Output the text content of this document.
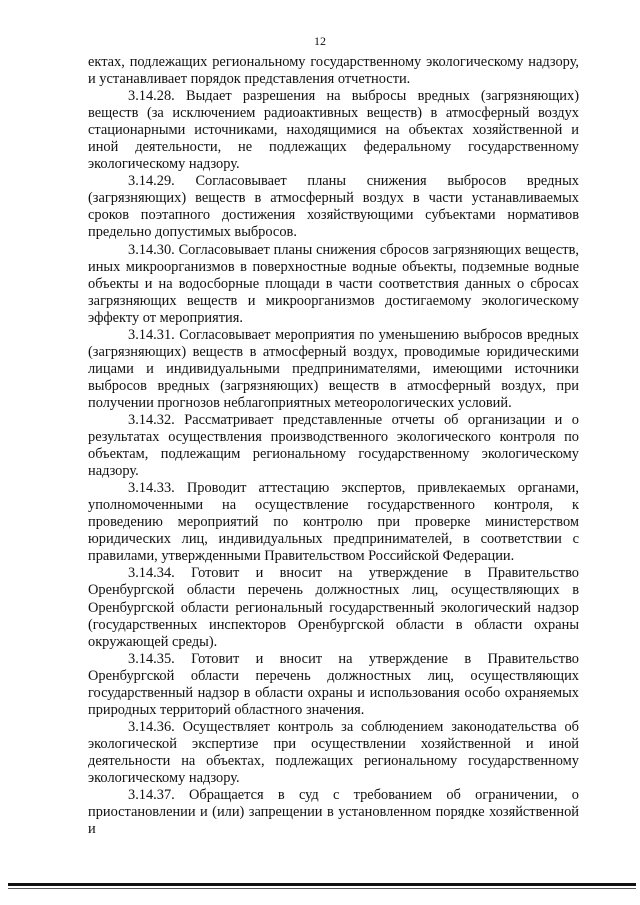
12

ектах, подлежащих региональному государственному экологическому надзору, и устанавливает порядок представления отчетности.

3.14.28. Выдает разрешения на выбросы вредных (загрязняющих) веществ (за исключением радиоактивных веществ) в атмосферный воздух стационарными источниками, находящимися на объектах хозяйственной и иной деятельности, не подлежащих федеральному государственному экологическому надзору.

3.14.29. Согласовывает планы снижения выбросов вредных (загрязняющих) веществ в атмосферный воздух в части устанавливаемых сроков поэтапного достижения хозяйствующими субъектами нормативов предельно допустимых выбросов.

3.14.30. Согласовывает планы снижения сбросов загрязняющих веществ, иных микроорганизмов в поверхностные водные объекты, подземные водные объекты и на водосборные площади в части соответствия данных о сбросах загрязняющих веществ и микроорганизмов достигаемому экологическому эффекту от мероприятия.

3.14.31. Согласовывает мероприятия по уменьшению выбросов вредных (загрязняющих) веществ в атмосферный воздух, проводимые юридическими лицами и индивидуальными предпринимателями, имеющими источники выбросов вредных (загрязняющих) веществ в атмосферный воздух, при получении прогнозов неблагоприятных метеорологических условий.

3.14.32. Рассматривает представленные отчеты об организации и о результатах осуществления производственного экологического контроля по объектам, подлежащим региональному государственному экологическому надзору.

3.14.33. Проводит аттестацию экспертов, привлекаемых органами, уполномоченными на осуществление государственного контроля, к проведению мероприятий по контролю при проверке министерством юридических лиц, индивидуальных предпринимателей, в соответствии с правилами, утвержденными Правительством Российской Федерации.

3.14.34. Готовит и вносит на утверждение в Правительство Оренбургской области перечень должностных лиц, осуществляющих в Оренбургской области региональный государственный экологический надзор (государственных инспекторов Оренбургской области в области охраны окружающей среды).

3.14.35. Готовит и вносит на утверждение в Правительство Оренбургской области перечень должностных лиц, осуществляющих государственный надзор в области охраны и использования особо охраняемых природных территорий областного значения.

3.14.36. Осуществляет контроль за соблюдением законодательства об экологической экспертизе при осуществлении хозяйственной и иной деятельности на объектах, подлежащих региональному государственному экологическому надзору.

3.14.37. Обращается в суд с требованием об ограничении, о приостановлении и (или) запрещении в установленном порядке хозяйственной и
